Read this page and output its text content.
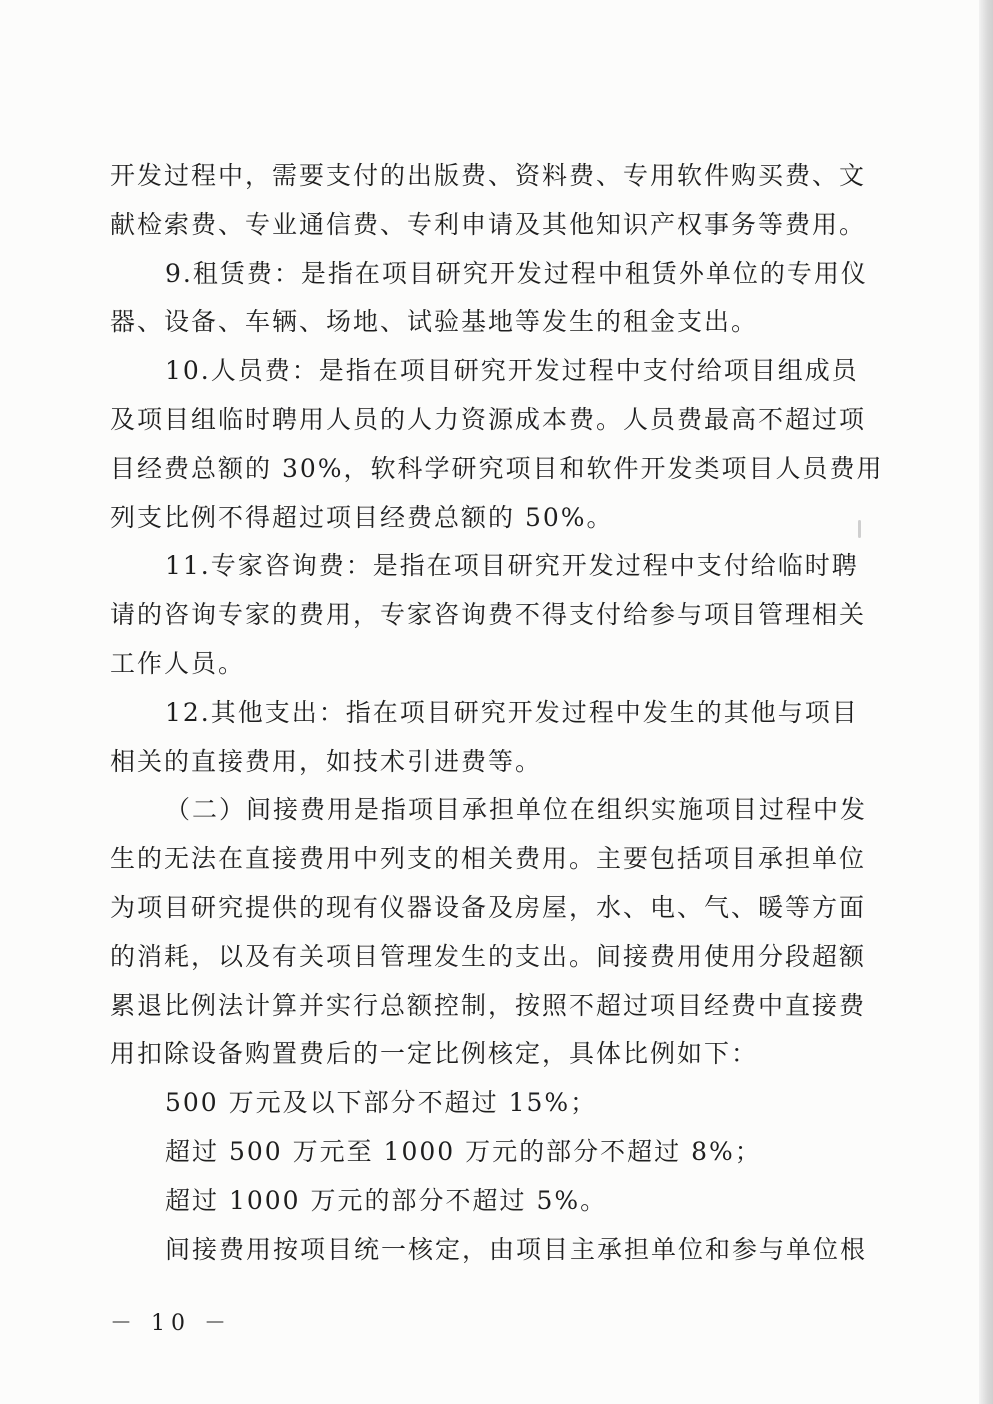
开发过程中，需要支付的出版费、资料费、专用软件购买费、文
献检索费、专业通信费、专利申请及其他知识产权事务等费用。
9.租赁费：是指在项目研究开发过程中租赁外单位的专用仪
器、设备、车辆、场地、试验基地等发生的租金支出。
10.人员费：是指在项目研究开发过程中支付给项目组成员
及项目组临时聘用人员的人力资源成本费。人员费最高不超过项
目经费总额的 30%，软科学研究项目和软件开发类项目人员费用
列支比例不得超过项目经费总额的 50%。
11.专家咨询费：是指在项目研究开发过程中支付给临时聘
请的咨询专家的费用，专家咨询费不得支付给参与项目管理相关
工作人员。
12.其他支出：指在项目研究开发过程中发生的其他与项目
相关的直接费用，如技术引进费等。
（二）间接费用是指项目承担单位在组织实施项目过程中发
生的无法在直接费用中列支的相关费用。主要包括项目承担单位
为项目研究提供的现有仪器设备及房屋，水、电、气、暖等方面
的消耗，以及有关项目管理发生的支出。间接费用使用分段超额
累退比例法计算并实行总额控制，按照不超过项目经费中直接费
用扣除设备购置费后的一定比例核定，具体比例如下：
500 万元及以下部分不超过 15%；
超过 500 万元至 1000 万元的部分不超过 8%；
超过 1000 万元的部分不超过 5%。
间接费用按项目统一核定，由项目主承担单位和参与单位根
－ 10 －
